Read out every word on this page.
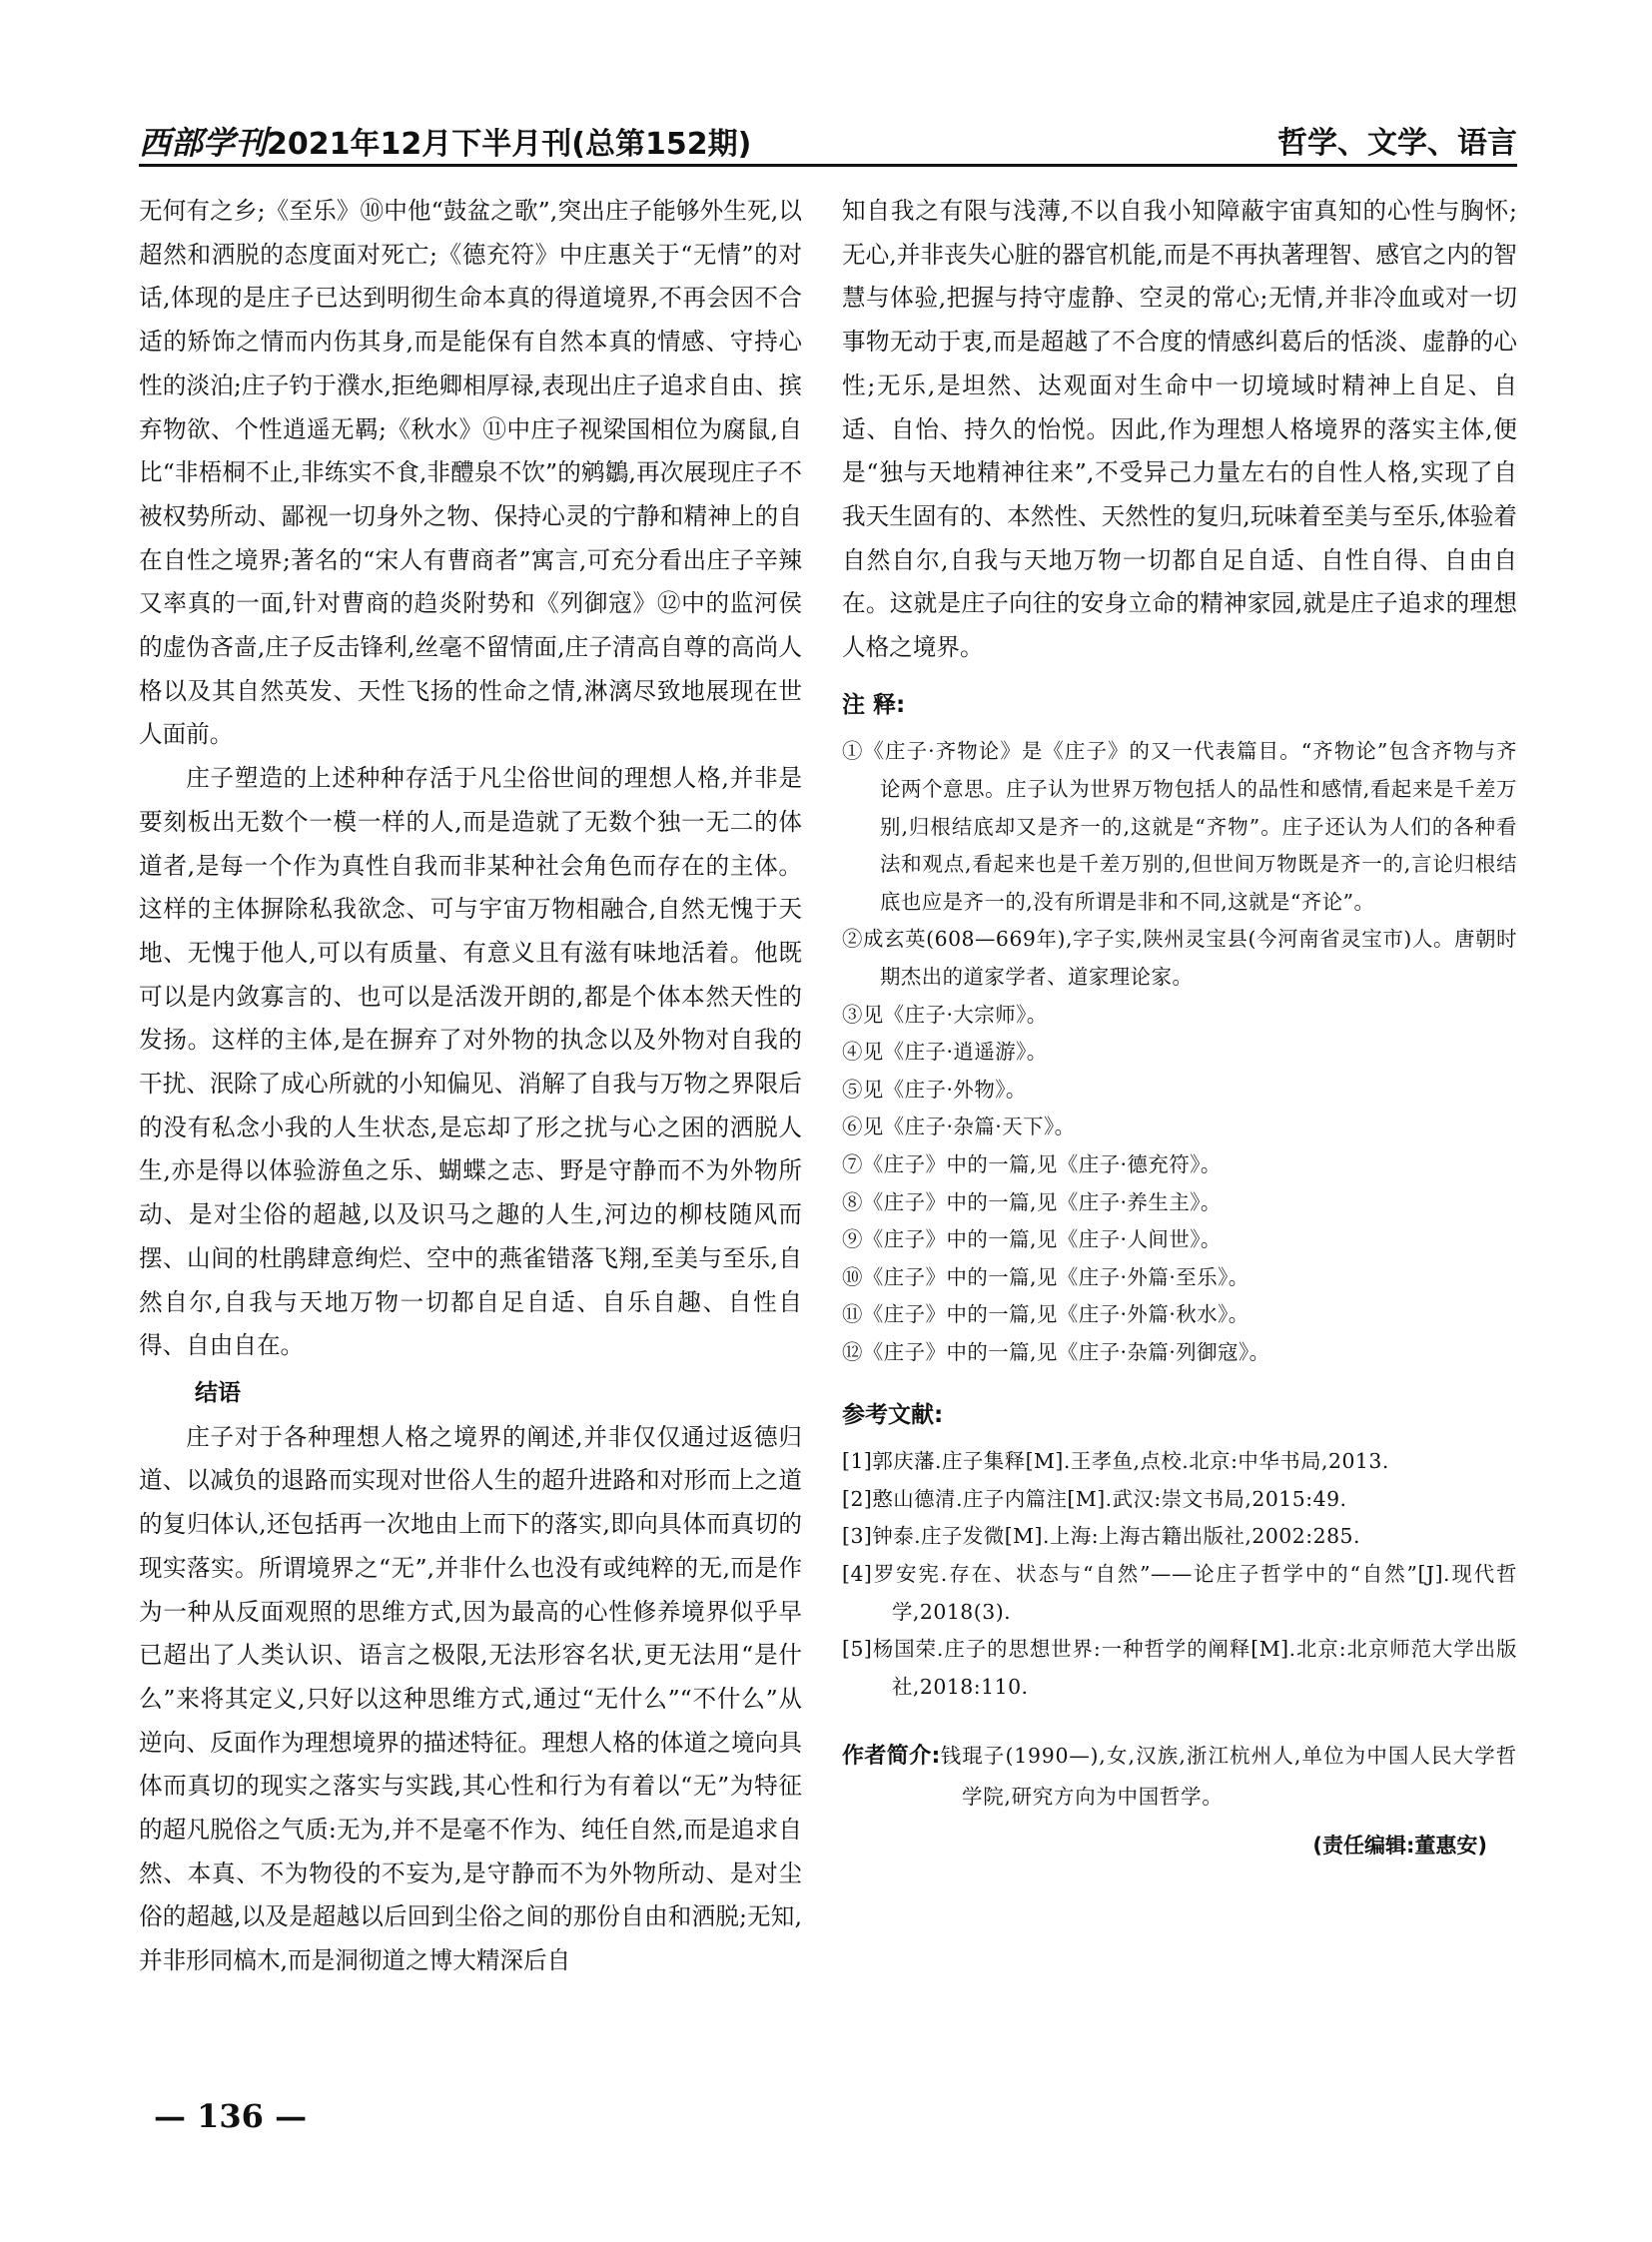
西部学刊2021年12月下半月刊(总第152期)	哲学、文学、语言

无何有之乡;《至乐》⑩中他“鼓盆之歌”,突出庄子能够外生死,以超然和洒脱的态度面对死亡;《德充符》中庄惠关于“无情”的对话,体现的是庄子已达到明彻生命本真的得道境界,不再会因不合适的矫饰之情而内伤其身,而是能保有自然本真的情感、守持心性的淡泊;庄子钓于濮水,拒绝卿相厚禄,表现出庄子追求自由、摈弃物欲、个性逍遥无羁;《秋水》⑪中庄子视梁国相位为腐鼠,自比“非梧桐不止,非练实不食,非醴泉不饮”的鹓鶵,再次展现庄子不被权势所动、鄙视一切身外之物、保持心灵的宁静和精神上的自在自性之境界;著名的“宋人有曹商者”寓言,可充分看出庄子辛辣又率真的一面,针对曹商的趋炎附势和《列御寇》⑫中的监河侯的虚伪吝啬,庄子反击锋利,丝毫不留情面,庄子清高自尊的高尚人格以及其自然英发、天性飞扬的性命之情,淋漓尽致地展现在世人面前。

庄子塑造的上述种种存活于凡尘俗世间的理想人格,并非是要刻板出无数个一模一样的人,而是造就了无数个独一无二的体道者,是每一个作为真性自我而非某种社会角色而存在的主体。这样的主体摒除私我欲念、可与宇宙万物相融合,自然无愧于天地、无愧于他人,可以有质量、有意义且有滋有味地活着。他既可以是内敛寡言的、也可以是活泼开朗的,都是个体本然天性的发扬。这样的主体,是在摒弃了对外物的执念以及外物对自我的干扰、泯除了成心所就的小知偏见、消解了自我与万物之界限后的没有私念小我的人生状态,是忘却了形之扰与心之困的洒脱人生,亦是得以体验游鱼之乐、蝴蝶之志、野是守静而不为外物所动、是对尘俗的超越,以及识马之趣的人生,河边的柳枝随风而摆、山间的杜鹃肆意绚烂、空中的燕雀错落飞翔,至美与至乐,自然自尔,自我与天地万物一切都自足自适、自乐自趣、自性自得、自由自在。

结语

庄子对于各种理想人格之境界的阐述,并非仅仅通过返德归道、以减负的退路而实现对世俗人生的超升进路和对形而上之道的复归体认,还包括再一次地由上而下的落实,即向具体而真切的现实落实。所谓境界之“无”,并非什么也没有或纯粹的无,而是作为一种从反面观照的思维方式,因为最高的心性修养境界似乎早已超出了人类认识、语言之极限,无法形容名状,更无法用“是什么”来将其定义,只好以这种思维方式,通过“无什么”“不什么”从逆向、反面作为理想境界的描述特征。理想人格的体道之境向具体而真切的现实之落实与实践,其心性和行为有着以“无”为特征的超凡脱俗之气质:无为,并不是毫不作为、纯任自然,而是追求自然、本真、不为物役的不妄为,是守静而不为外物所动、是对尘俗的超越,以及是超越以后回到尘俗之间的那份自由和洒脱;无知,并非形同槁木,而是洞彻道之博大精深后自

知自我之有限与浅薄,不以自我小知障蔽宇宙真知的心性与胸怀;无心,并非丧失心脏的器官机能,而是不再执著理智、感官之内的智慧与体验,把握与持守虚静、空灵的常心;无情,并非冷血或对一切事物无动于衷,而是超越了不合度的情感纠葛后的恬淡、虚静的心性;无乐,是坦然、达观面对生命中一切境域时精神上自足、自适、自怡、持久的怡悦。因此,作为理想人格境界的落实主体,便是“独与天地精神往来”,不受异己力量左右的自性人格,实现了自我天生固有的、本然性、天然性的复归,玩味着至美与至乐,体验着自然自尔,自我与天地万物一切都自足自适、自性自得、自由自在。这就是庄子向往的安身立命的精神家园,就是庄子追求的理想人格之境界。

注 释:
①《庄子·齐物论》是《庄子》的又一代表篇目。“齐物论”包含齐物与齐论两个意思。庄子认为世界万物包括人的品性和感情,看起来是千差万别,归根结底却又是齐一的,这就是“齐物”。庄子还认为人们的各种看法和观点,看起来也是千差万别的,但世间万物既是齐一的,言论归根结底也应是齐一的,没有所谓是非和不同,这就是“齐论”。
②成玄英(608—669年),字子实,陕州灵宝县(今河南省灵宝市)人。唐朝时期杰出的道家学者、道家理论家。
③见《庄子·大宗师》。
④见《庄子·逍遥游》。
⑤见《庄子·外物》。
⑥见《庄子·杂篇·天下》。
⑦《庄子》中的一篇,见《庄子·德充符》。
⑧《庄子》中的一篇,见《庄子·养生主》。
⑨《庄子》中的一篇,见《庄子·人间世》。
⑩《庄子》中的一篇,见《庄子·外篇·至乐》。
⑪《庄子》中的一篇,见《庄子·外篇·秋水》。
⑫《庄子》中的一篇,见《庄子·杂篇·列御寇》。
参考文献:
[1]郭庆藩.庄子集释[M].王孝鱼,点校.北京:中华书局,2013.
[2]憨山德清.庄子内篇注[M].武汉:崇文书局,2015:49.
[3]钟泰.庄子发微[M].上海:上海古籍出版社,2002:285.
[4]罗安宪.存在、状态与“自然”——论庄子哲学中的“自然”[J].现代哲学,2018(3).
[5]杨国荣.庄子的思想世界:一种哲学的阐释[M].北京:北京师范大学出版社,2018:110.
作者简介:钱琨子(1990—),女,汉族,浙江杭州人,单位为中国人民大学哲学院,研究方向为中国哲学。
(责任编辑:董惠安)
— 136 —
